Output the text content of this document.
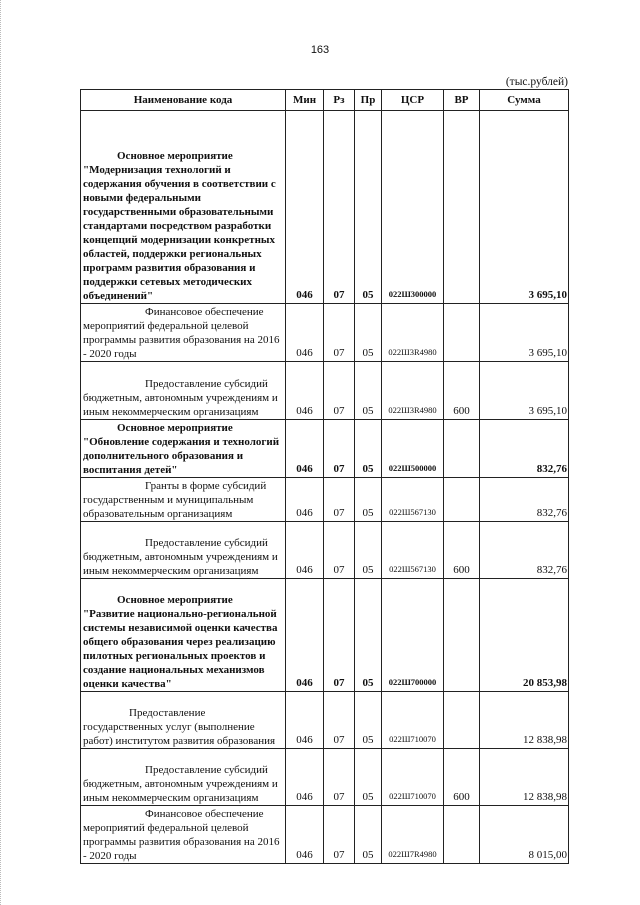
163
(тыс.рублей)
Наименование кода	Мин	Рз	Пр	ЦСР	ВР	Сумма

Основное мероприятие
"Модернизация технологий и содержания обучения в соответствии с новыми федеральными государственными образовательными стандартами посредством разработки концепций модернизации конкретных областей, поддержки региональных программ развития образования и поддержки сетевых методических объединений"	046	07	05	022Ш300000		3 695,10

Финансовое обеспечение
мероприятий федеральной целевой программы развития образования на 2016 - 2020 годы	046	07	05	022Ш3R4980		3 695,10

Предоставление субсидий
бюджетным, автономным учреждениям и иным некоммерческим организациям	046	07	05	022Ш3R4980	600	3 695,10

Основное мероприятие
"Обновление содержания и технологий дополнительного образования и воспитания детей"	046	07	05	022Ш500000		832,76

Гранты в форме субсидий
государственным и муниципальным образовательным организациям	046	07	05	022Ш567130		832,76

Предоставление субсидий
бюджетным, автономным учреждениям и иным некоммерческим организациям	046	07	05	022Ш567130	600	832,76

Основное мероприятие
"Развитие национально-региональной системы независимой оценки качества общего образования через реализацию пилотных региональных проектов и создание национальных механизмов оценки качества"	046	07	05	022Ш700000		20 853,98

Предоставление
государственных услуг (выполнение работ) институтом развития образования	046	07	05	022Ш710070		12 838,98

Предоставление субсидий
бюджетным, автономным учреждениям и иным некоммерческим организациям	046	07	05	022Ш710070	600	12 838,98

Финансовое обеспечение
мероприятий федеральной целевой программы развития образования на 2016 - 2020 годы	046	07	05	022Ш7R4980		8 015,00
